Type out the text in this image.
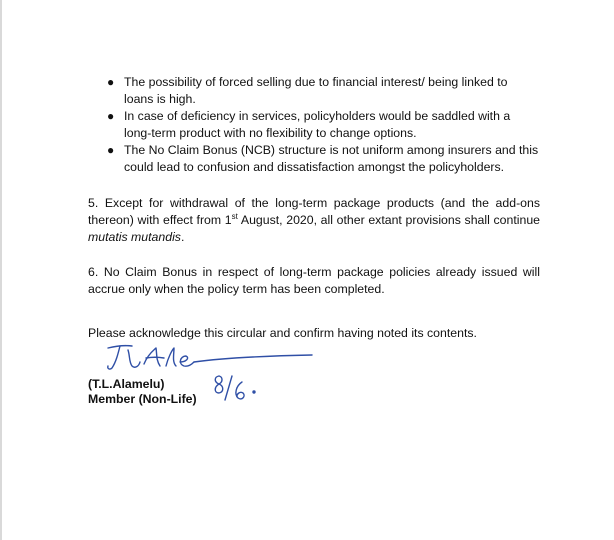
● The possibility of forced selling due to financial interest/ being linked to loans is high.
● In case of deficiency in services, policyholders would be saddled with a long-term product with no flexibility to change options.
● The No Claim Bonus (NCB) structure is not uniform among insurers and this could lead to confusion and dissatisfaction amongst the policyholders.

5. Except for withdrawal of the long-term package products (and the add-ons thereon) with effect from 1st August, 2020, all other extant provisions shall continue mutatis mutandis.

6. No Claim Bonus in respect of long-term package policies already issued will accrue only when the policy term has been completed.

Please acknowledge this circular and confirm having noted its contents.

(T.L.Alamelu)
Member (Non-Life)
